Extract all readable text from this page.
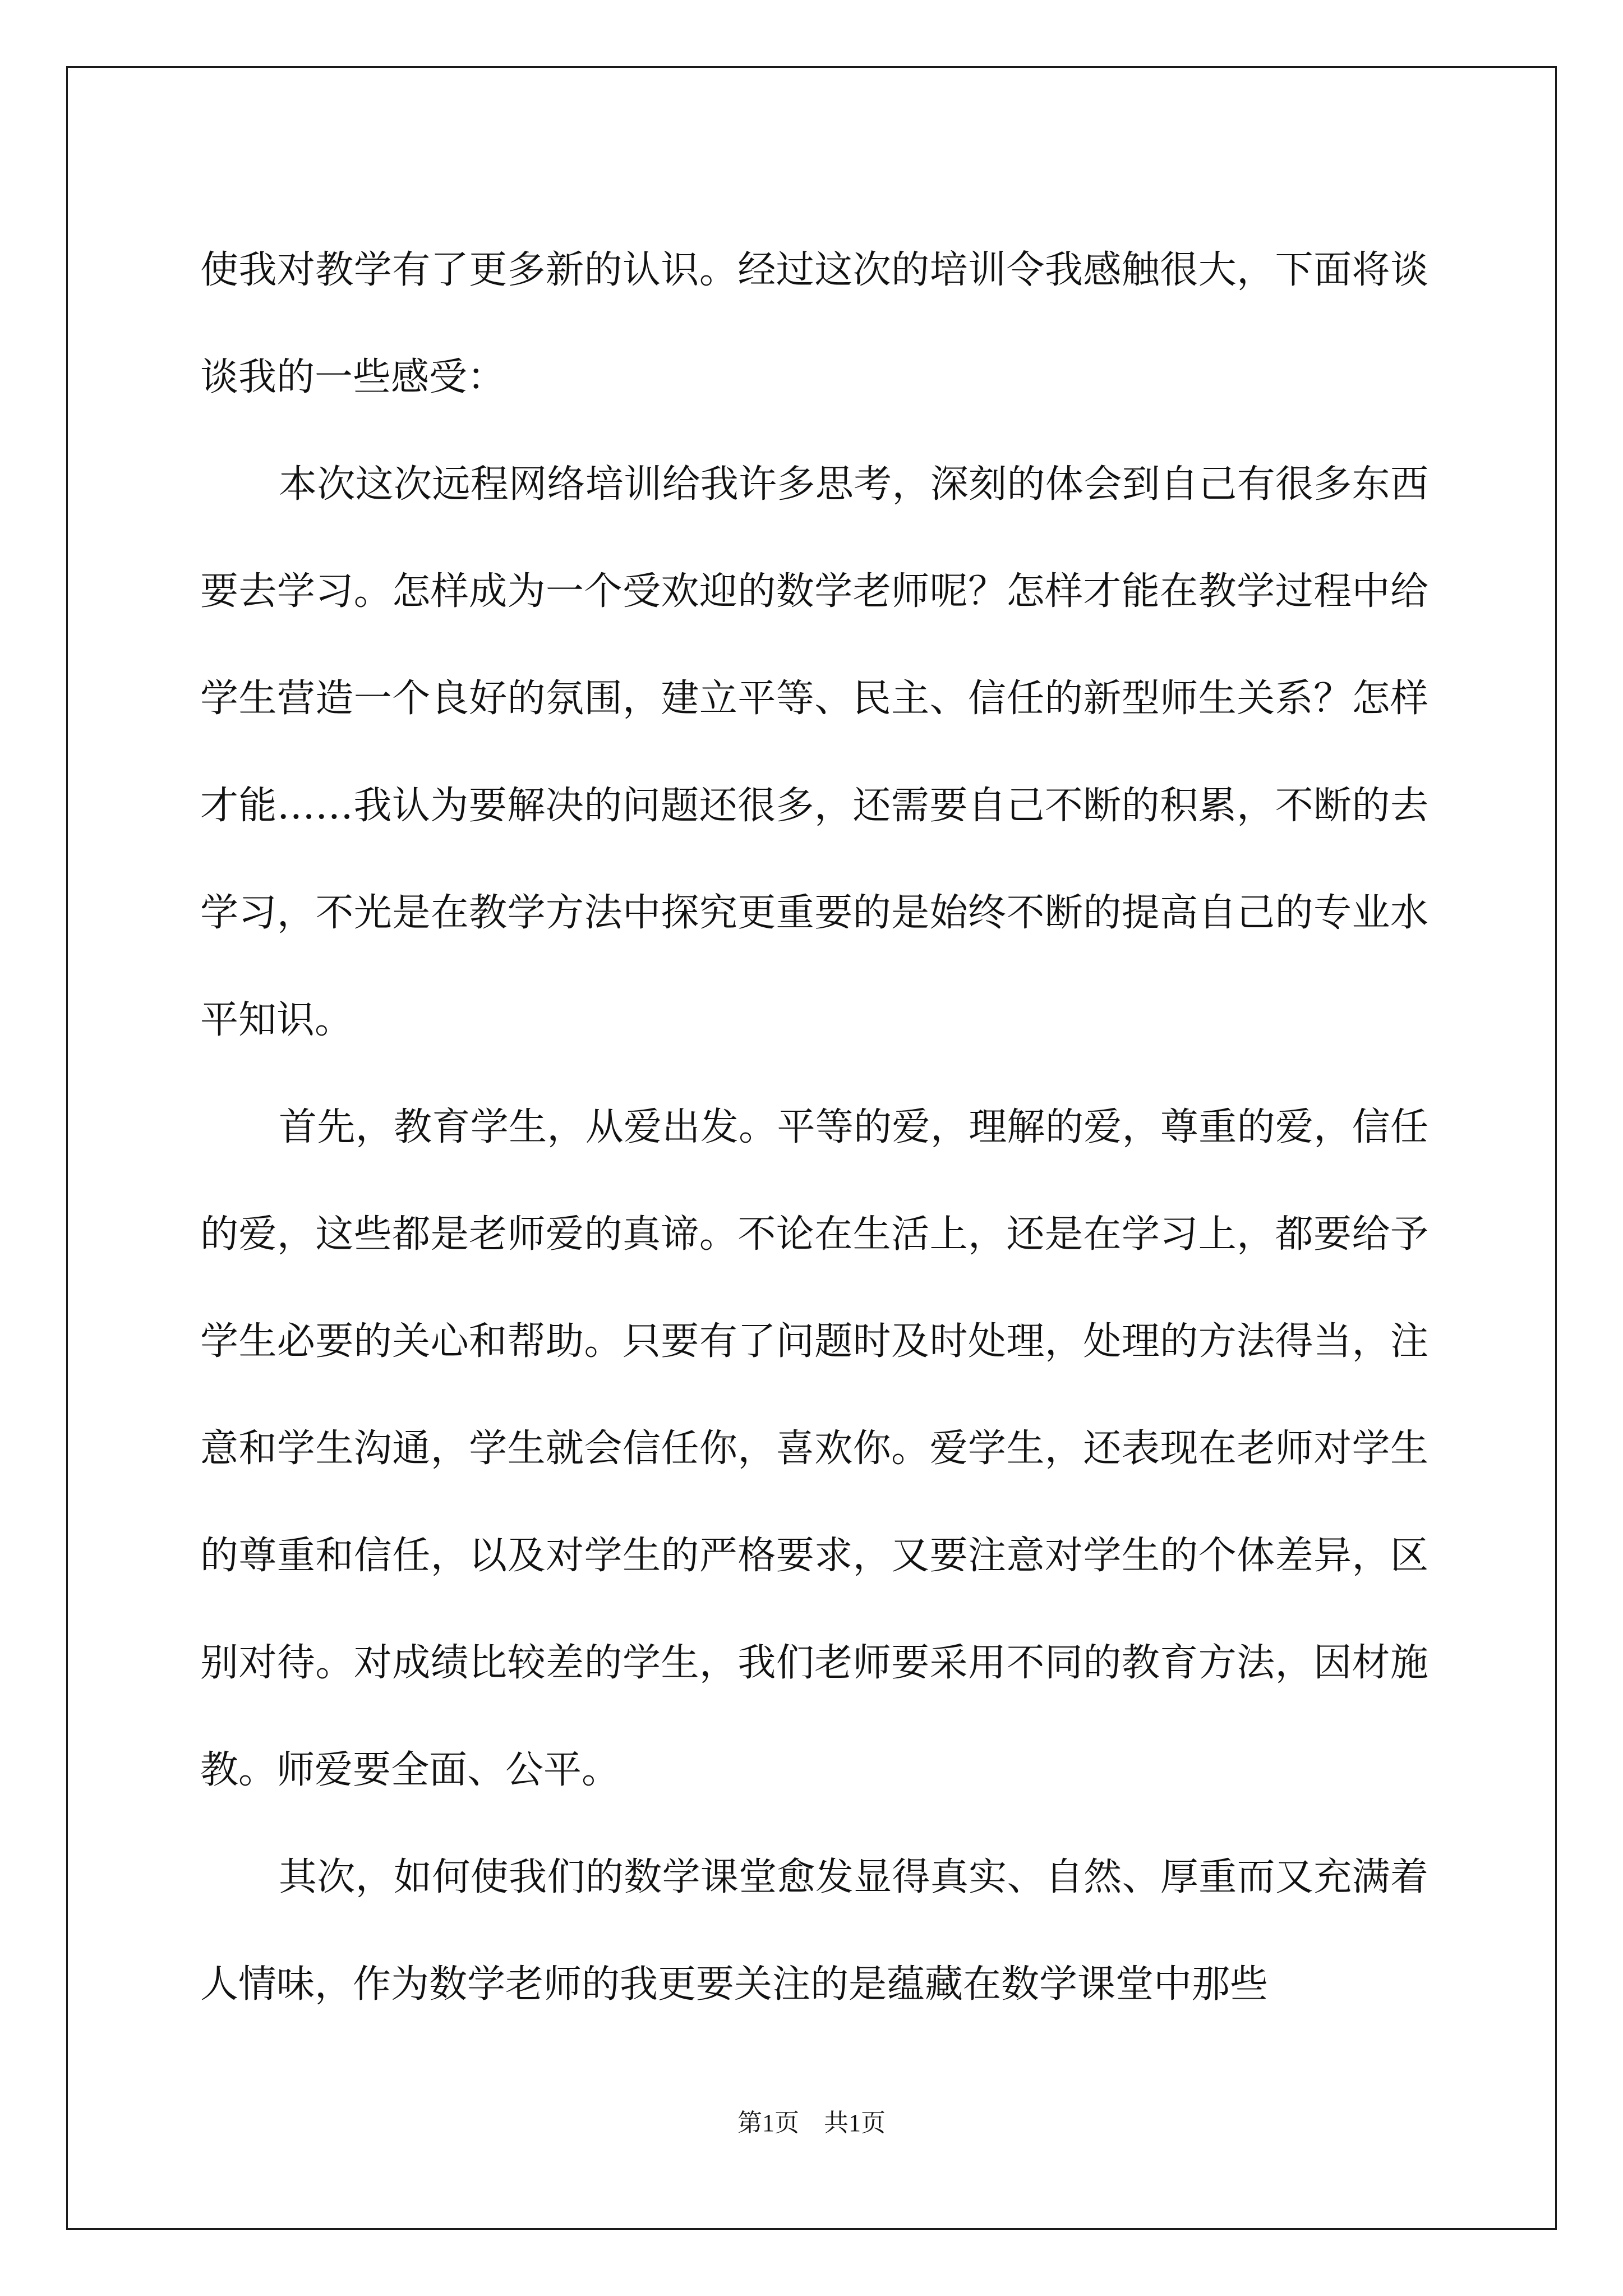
使我对教学有了更多新的认识。经过这次的培训令我感触很大，下面将谈谈我的一些感受：

本次这次远程网络培训给我许多思考，深刻的体会到自己有很多东西要去学习。怎样成为一个受欢迎的数学老师呢？怎样才能在教学过程中给学生营造一个良好的氛围，建立平等、民主、信任的新型师生关系？怎样才能……我认为要解决的问题还很多，还需要自己不断的积累，不断的去学习，不光是在教学方法中探究更重要的是始终不断的提高自己的专业水平知识。

首先，教育学生，从爱出发。平等的爱，理解的爱，尊重的爱，信任的爱，这些都是老师爱的真谛。不论在生活上，还是在学习上，都要给予学生必要的关心和帮助。只要有了问题时及时处理，处理的方法得当，注意和学生沟通，学生就会信任你，喜欢你。爱学生，还表现在老师对学生的尊重和信任，以及对学生的严格要求，又要注意对学生的个体差异，区别对待。对成绩比较差的学生，我们老师要采用不同的教育方法，因材施教。师爱要全面、公平。

其次，如何使我们的数学课堂愈发显得真实、自然、厚重而又充满着人情味，作为数学老师的我更要关注的是蕴藏在数学课堂中那些

第1页　共1页
